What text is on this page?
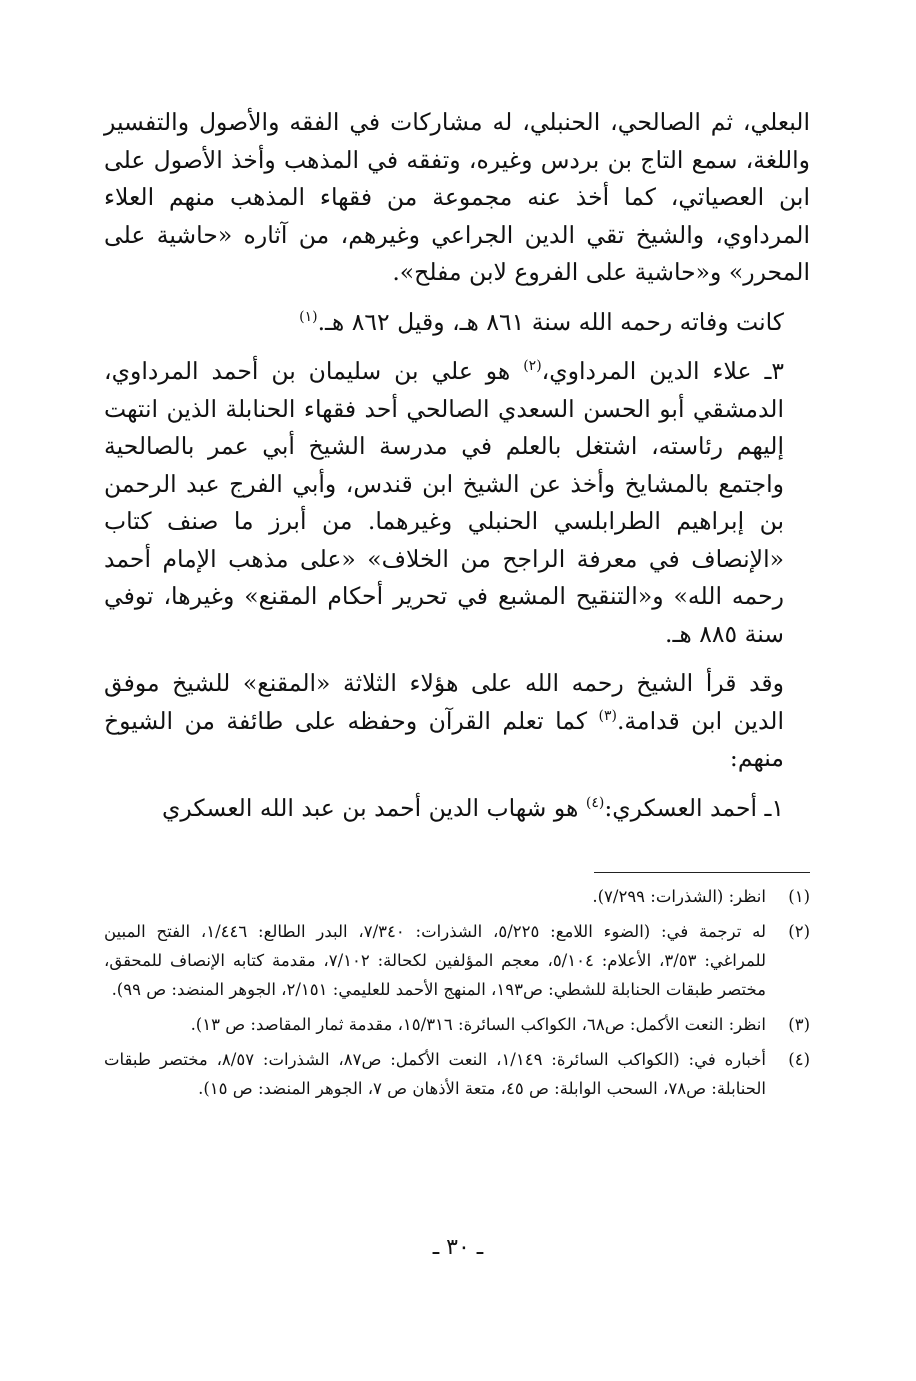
البعلي، ثم الصالحي، الحنبلي، له مشاركات في الفقه والأصول والتفسير واللغة، سمع التاج بن بردس وغيره، وتفقه في المذهب وأخذ الأصول على ابن العصياتي، كما أخذ عنه مجموعة من فقهاء المذهب منهم العلاء المرداوي، والشيخ تقي الدين الجراعي وغيرهم، من آثاره «حاشية على المحرر» و«حاشية على الفروع لابن مفلح».

كانت وفاته رحمه الله سنة ٨٦١ هـ، وقيل ٨٦٢ هـ.$^{(١)}$

٣ـ علاء الدين المرداوي،$^{(٢)}$ هو علي بن سليمان بن أحمد المرداوي، الدمشقي أبو الحسن السعدي الصالحي أحد فقهاء الحنابلة الذين انتهت إليهم رئاسته، اشتغل بالعلم في مدرسة الشيخ أبي عمر بالصالحية واجتمع بالمشايخ وأخذ عن الشيخ ابن قندس، وأبي الفرج عبد الرحمن بن إبراهيم الطرابلسي الحنبلي وغيرهما. من أبرز ما صنف كتاب «الإنصاف في معرفة الراجح من الخلاف» «على مذهب الإمام أحمد رحمه الله» و«التنقيح المشبع في تحرير أحكام المقنع» وغيرها، توفي سنة ٨٨٥ هـ.

وقد قرأ الشيخ رحمه الله على هؤلاء الثلاثة «المقنع» للشيخ موفق الدين ابن قدامة.$^{(٣)}$ كما تعلم القرآن وحفظه على طائفة من الشيوخ منهم:

١ـ أحمد العسكري:$^{(٤)}$ هو شهاب الدين أحمد بن عبد الله العسكري

(١)
انظر: (الشذرات: ٧/٢٩٩).
(٢)
له ترجمة في: (الضوء اللامع: ٥/٢٢٥، الشذرات: ٧/٣٤٠، البدر الطالع: ١/٤٤٦، الفتح المبين للمراغي: ٣/٥٣، الأعلام: ٥/١٠٤، معجم المؤلفين لكحالة: ٧/١٠٢، مقدمة كتابه الإنصاف للمحقق، مختصر طبقات الحنابلة للشطي: ص١٩٣، المنهج الأحمد للعليمي: ٢/١٥١، الجوهر المنضد: ص ٩٩).
(٣)
انظر: النعت الأكمل: ص٦٨، الكواكب السائرة: ١٥/٣١٦، مقدمة ثمار المقاصد: ص ١٣).
(٤)
أخباره في: (الكواكب السائرة: ١/١٤٩، النعت الأكمل: ص٨٧، الشذرات: ٨/٥٧، مختصر طبقات الحنابلة: ص٧٨، السحب الوابلة: ص ٤٥، متعة الأذهان ص ٧، الجوهر المنضد: ص ١٥).
ـ ٣٠ ـ
